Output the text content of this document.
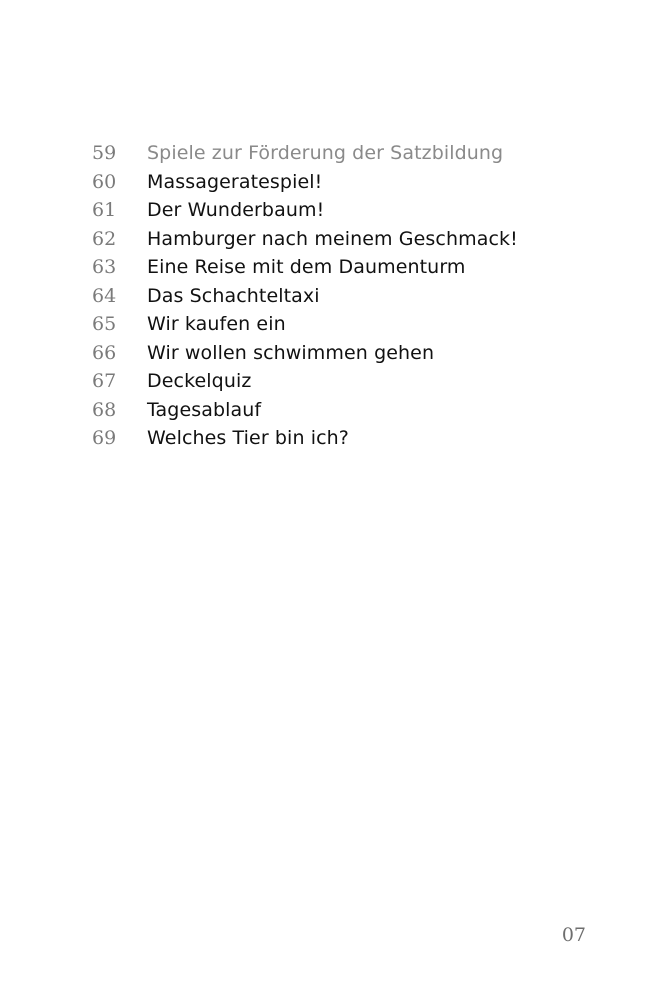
59	Spiele zur Förderung der Satzbildung
60	Massageratespiel!
61	Der Wunderbaum!
62	Hamburger nach meinem Geschmack!
63	Eine Reise mit dem Daumenturm
64	Das Schachteltaxi
65	Wir kaufen ein
66	Wir wollen schwimmen gehen
67	Deckelquiz
68	Tagesablauf
69	Welches Tier bin ich?
07
